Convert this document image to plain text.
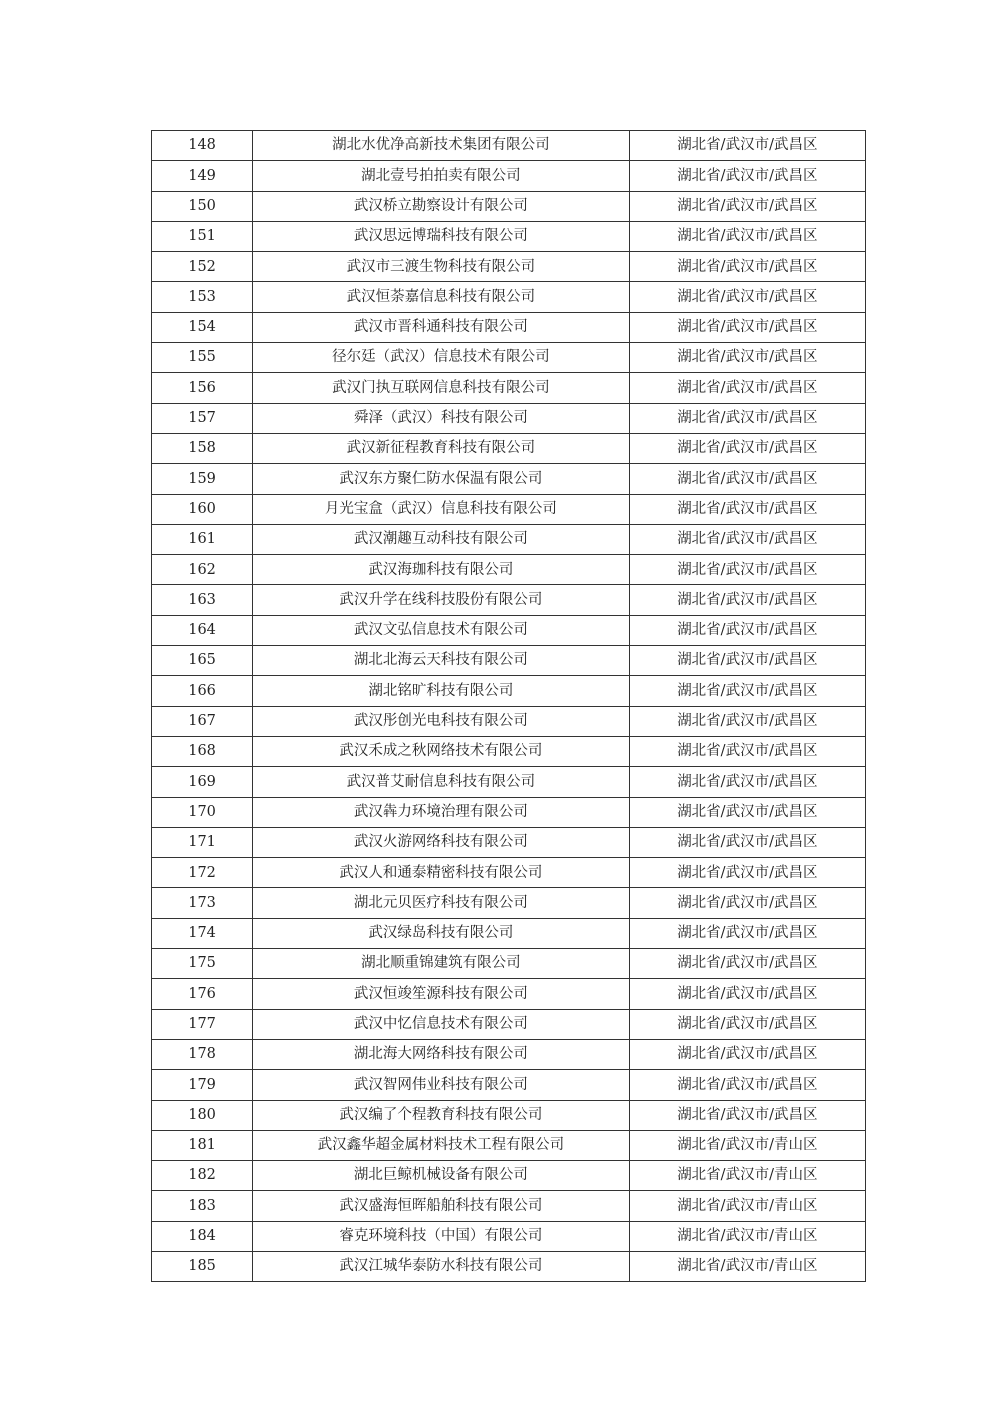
148	湖北水优净高新技术集团有限公司	湖北省/武汉市/武昌区
149	湖北壹号拍拍卖有限公司	湖北省/武汉市/武昌区
150	武汉桥立勘察设计有限公司	湖北省/武汉市/武昌区
151	武汉思远博瑞科技有限公司	湖北省/武汉市/武昌区
152	武汉市三渡生物科技有限公司	湖北省/武汉市/武昌区
153	武汉恒荼嘉信息科技有限公司	湖北省/武汉市/武昌区
154	武汉市晋科通科技有限公司	湖北省/武汉市/武昌区
155	径尔廷（武汉）信息技术有限公司	湖北省/武汉市/武昌区
156	武汉门执互联网信息科技有限公司	湖北省/武汉市/武昌区
157	舜泽（武汉）科技有限公司	湖北省/武汉市/武昌区
158	武汉新征程教育科技有限公司	湖北省/武汉市/武昌区
159	武汉东方聚仁防水保温有限公司	湖北省/武汉市/武昌区
160	月光宝盒（武汉）信息科技有限公司	湖北省/武汉市/武昌区
161	武汉潮趣互动科技有限公司	湖北省/武汉市/武昌区
162	武汉海珈科技有限公司	湖北省/武汉市/武昌区
163	武汉升学在线科技股份有限公司	湖北省/武汉市/武昌区
164	武汉文弘信息技术有限公司	湖北省/武汉市/武昌区
165	湖北北海云天科技有限公司	湖北省/武汉市/武昌区
166	湖北铭旷科技有限公司	湖北省/武汉市/武昌区
167	武汉彤创光电科技有限公司	湖北省/武汉市/武昌区
168	武汉禾成之秋网络技术有限公司	湖北省/武汉市/武昌区
169	武汉普艾耐信息科技有限公司	湖北省/武汉市/武昌区
170	武汉犇力环境治理有限公司	湖北省/武汉市/武昌区
171	武汉火游网络科技有限公司	湖北省/武汉市/武昌区
172	武汉人和通泰精密科技有限公司	湖北省/武汉市/武昌区
173	湖北元贝医疗科技有限公司	湖北省/武汉市/武昌区
174	武汉绿岛科技有限公司	湖北省/武汉市/武昌区
175	湖北顺重锦建筑有限公司	湖北省/武汉市/武昌区
176	武汉恒竣笙源科技有限公司	湖北省/武汉市/武昌区
177	武汉中忆信息技术有限公司	湖北省/武汉市/武昌区
178	湖北海大网络科技有限公司	湖北省/武汉市/武昌区
179	武汉智网伟业科技有限公司	湖北省/武汉市/武昌区
180	武汉编了个程教育科技有限公司	湖北省/武汉市/武昌区
181	武汉鑫华超金属材料技术工程有限公司	湖北省/武汉市/青山区
182	湖北巨鲸机械设备有限公司	湖北省/武汉市/青山区
183	武汉盛海恒晖船舶科技有限公司	湖北省/武汉市/青山区
184	睿克环境科技（中国）有限公司	湖北省/武汉市/青山区
185	武汉江城华泰防水科技有限公司	湖北省/武汉市/青山区
